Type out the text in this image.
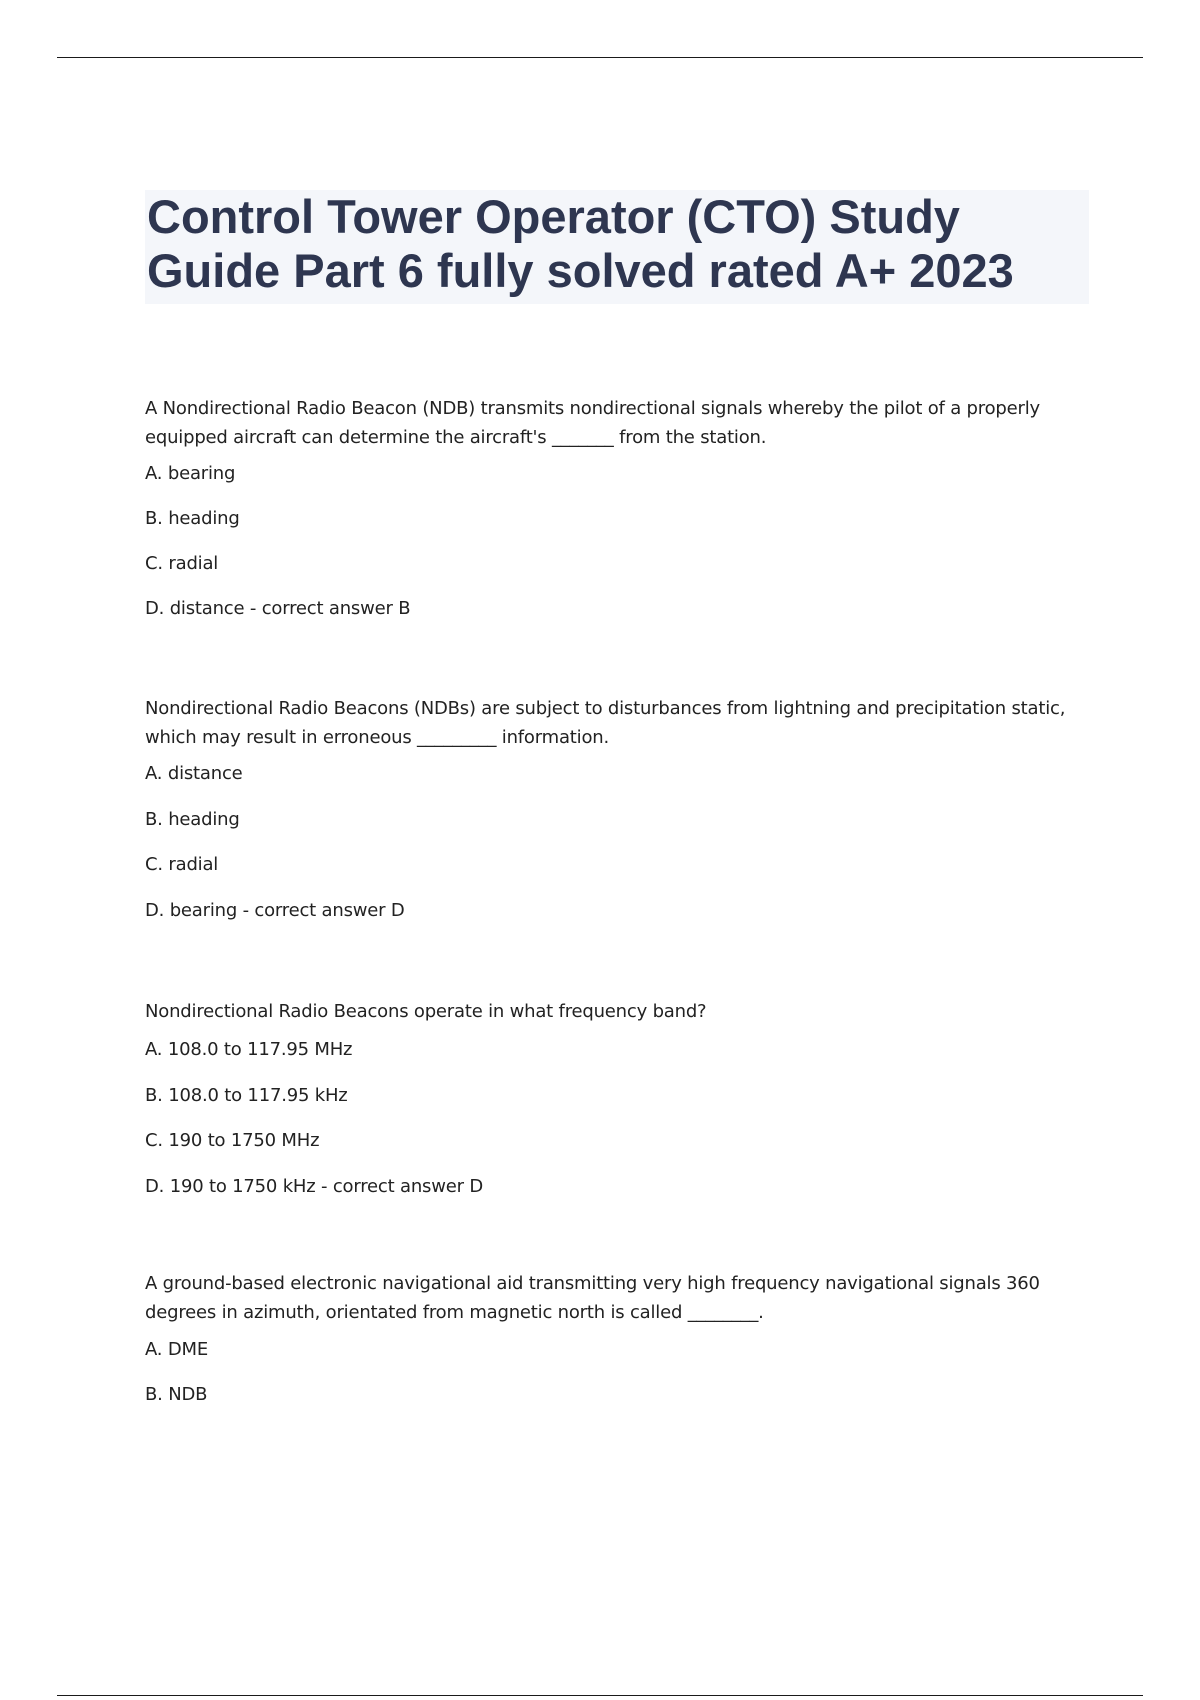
Control Tower Operator (CTO) Study Guide Part 6 fully solved rated A+ 2023

A Nondirectional Radio Beacon (NDB) transmits nondirectional signals whereby the pilot of a properly equipped aircraft can determine the aircraft's _______ from the station.

A. bearing

B. heading

C. radial

D. distance - correct answer B

Nondirectional Radio Beacons (NDBs) are subject to disturbances from lightning and precipitation static, which may result in erroneous _________ information.

A. distance

B. heading

C. radial

D. bearing - correct answer D

Nondirectional Radio Beacons operate in what frequency band?

A. 108.0 to 117.95 MHz

B. 108.0 to 117.95 kHz

C. 190 to 1750 MHz

D. 190 to 1750 kHz - correct answer D

A ground-based electronic navigational aid transmitting very high frequency navigational signals 360 degrees in azimuth, orientated from magnetic north is called ________.

A. DME

B. NDB
